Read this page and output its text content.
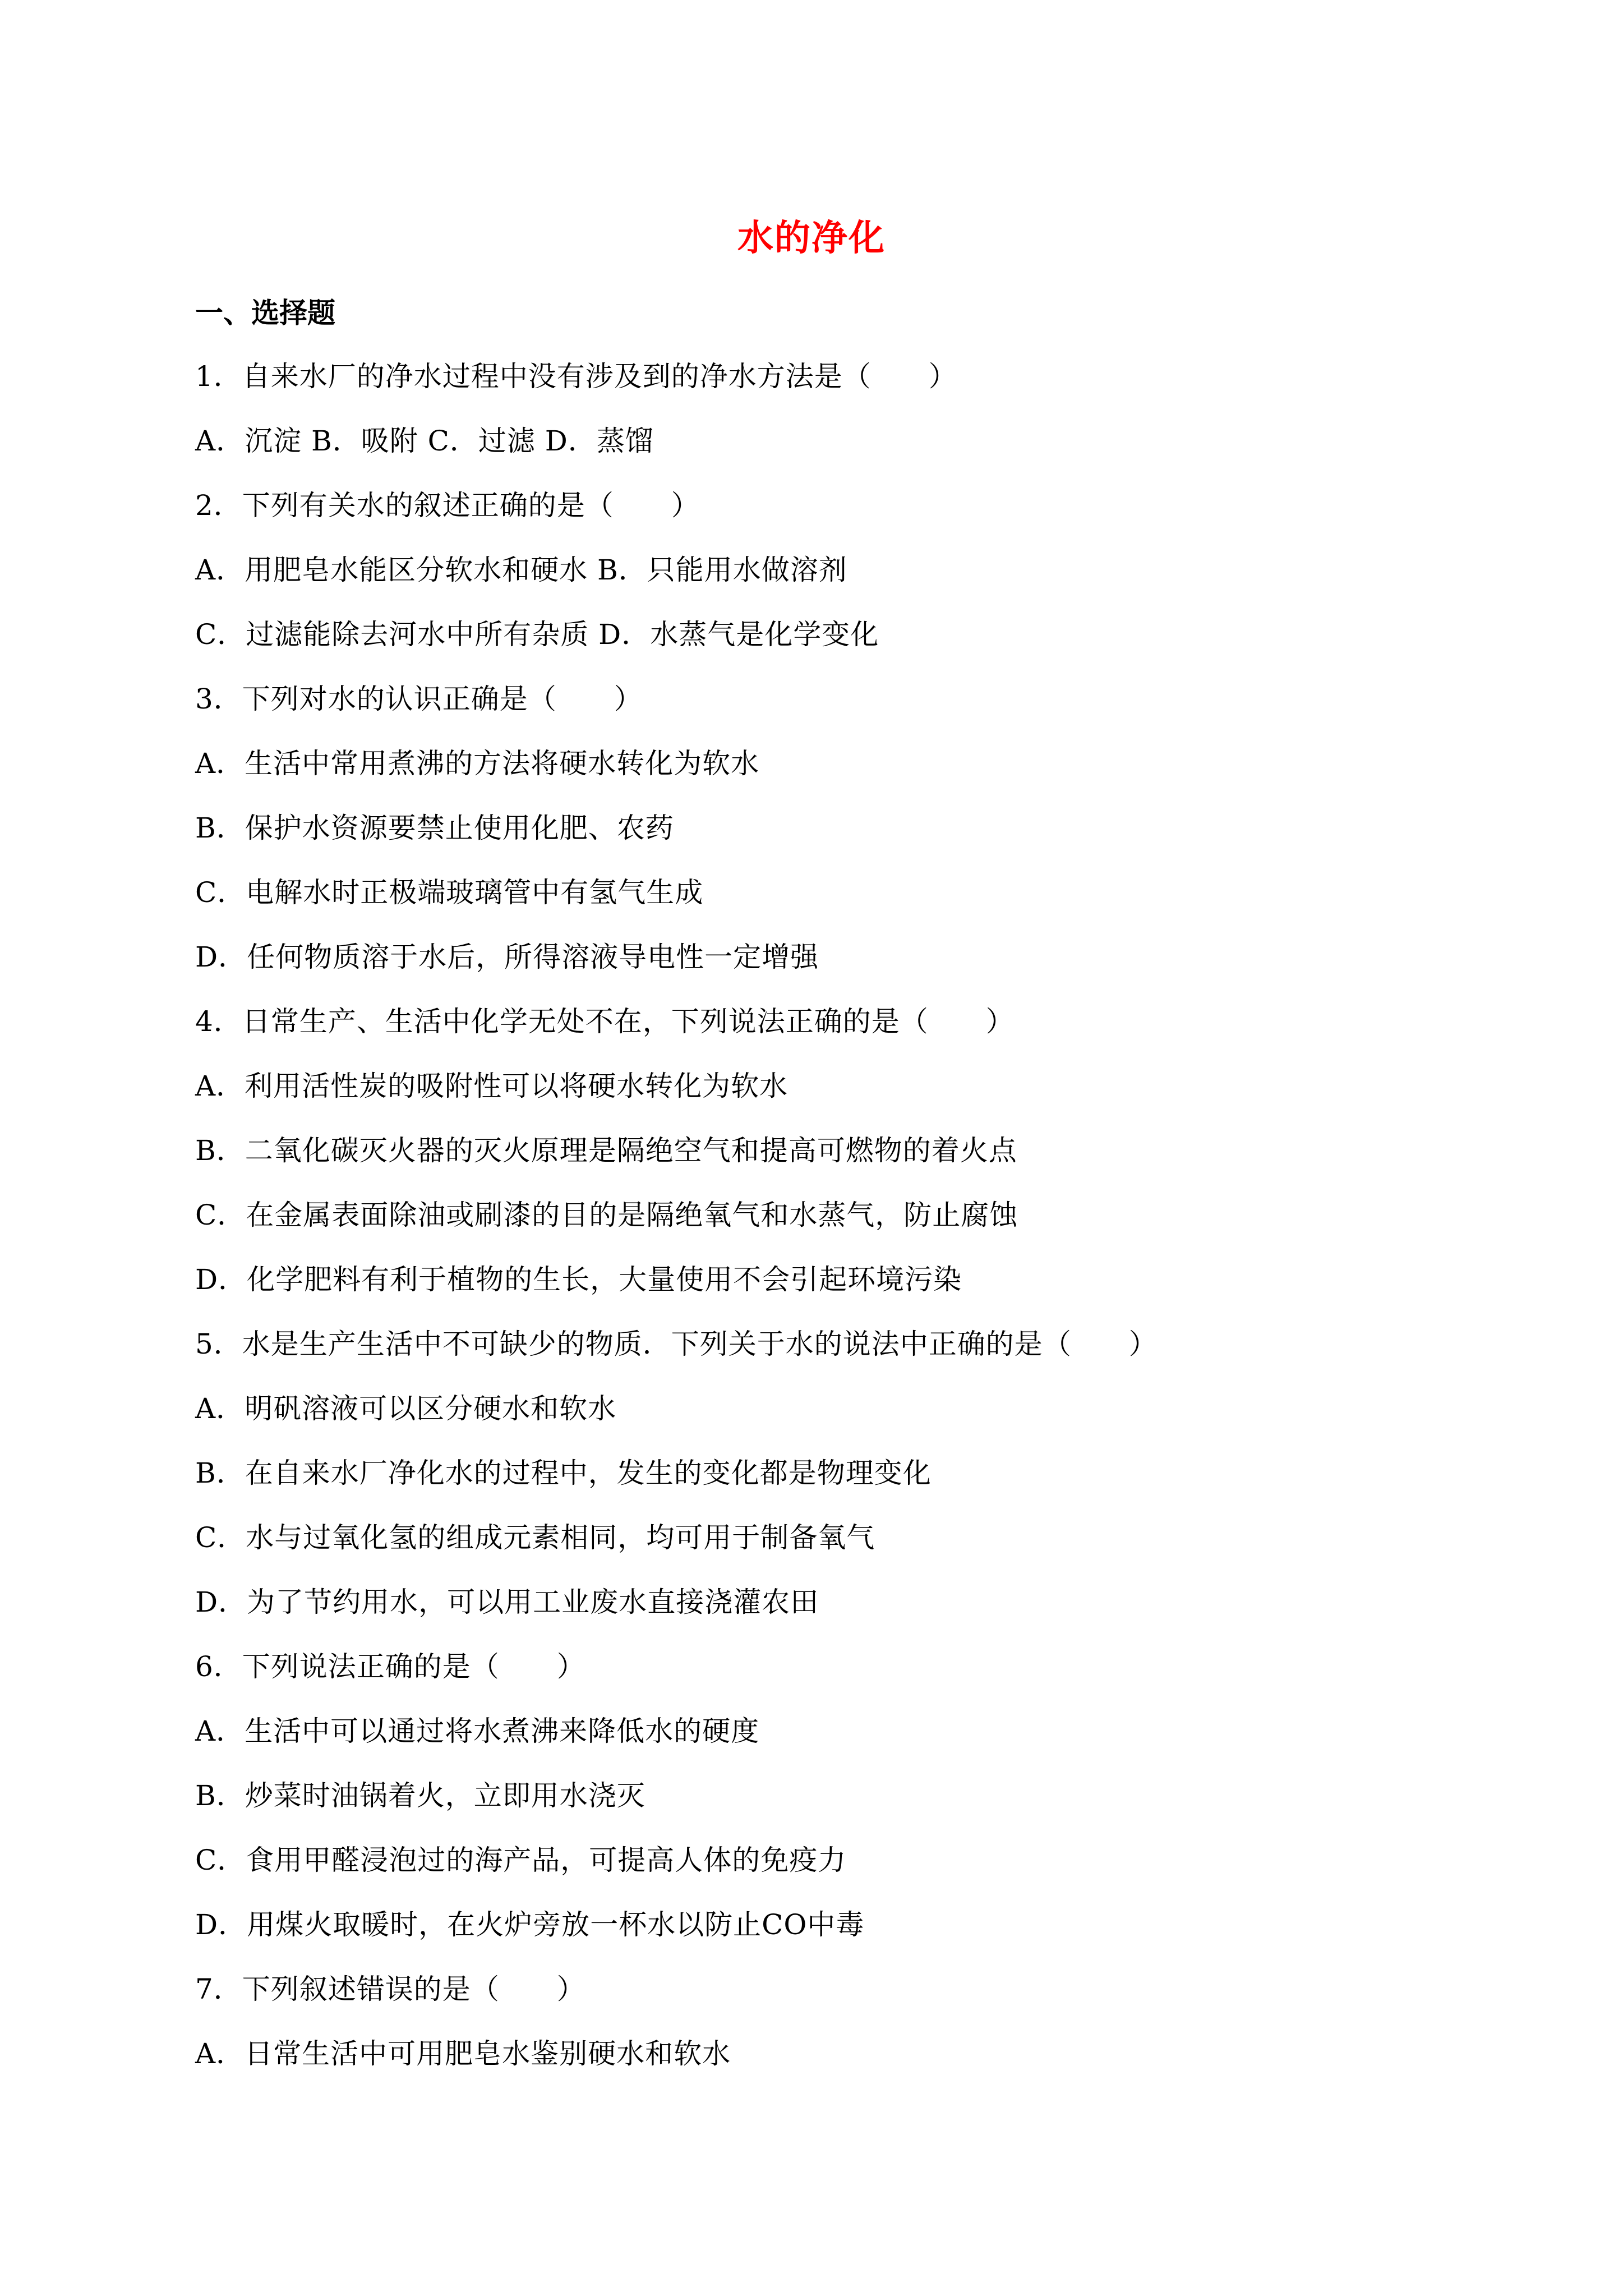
水的净化
一、选择题
1．自来水厂的净水过程中没有涉及到的净水方法是（　　）
A．沉淀 B．吸附 C．过滤 D．蒸馏
2．下列有关水的叙述正确的是（　　）
A．用肥皂水能区分软水和硬水 B．只能用水做溶剂
C．过滤能除去河水中所有杂质 D．水蒸气是化学变化
3．下列对水的认识正确是（　　）
A．生活中常用煮沸的方法将硬水转化为软水
B．保护水资源要禁止使用化肥、农药
C．电解水时正极端玻璃管中有氢气生成
D．任何物质溶于水后，所得溶液导电性一定增强
4．日常生产、生活中化学无处不在，下列说法正确的是（　　）
A．利用活性炭的吸附性可以将硬水转化为软水
B．二氧化碳灭火器的灭火原理是隔绝空气和提高可燃物的着火点
C．在金属表面除油或刷漆的目的是隔绝氧气和水蒸气，防止腐蚀
D．化学肥料有利于植物的生长，大量使用不会引起环境污染
5．水是生产生活中不可缺少的物质．下列关于水的说法中正确的是（　　）
A．明矾溶液可以区分硬水和软水
B．在自来水厂净化水的过程中，发生的变化都是物理变化
C．水与过氧化氢的组成元素相同，均可用于制备氧气
D．为了节约用水，可以用工业废水直接浇灌农田
6．下列说法正确的是（　　）
A．生活中可以通过将水煮沸来降低水的硬度
B．炒菜时油锅着火，立即用水浇灭
C．食用甲醛浸泡过的海产品，可提高人体的免疫力
D．用煤火取暖时，在火炉旁放一杯水以防止CO中毒
7．下列叙述错误的是（　　）
A．日常生活中可用肥皂水鉴别硬水和软水
